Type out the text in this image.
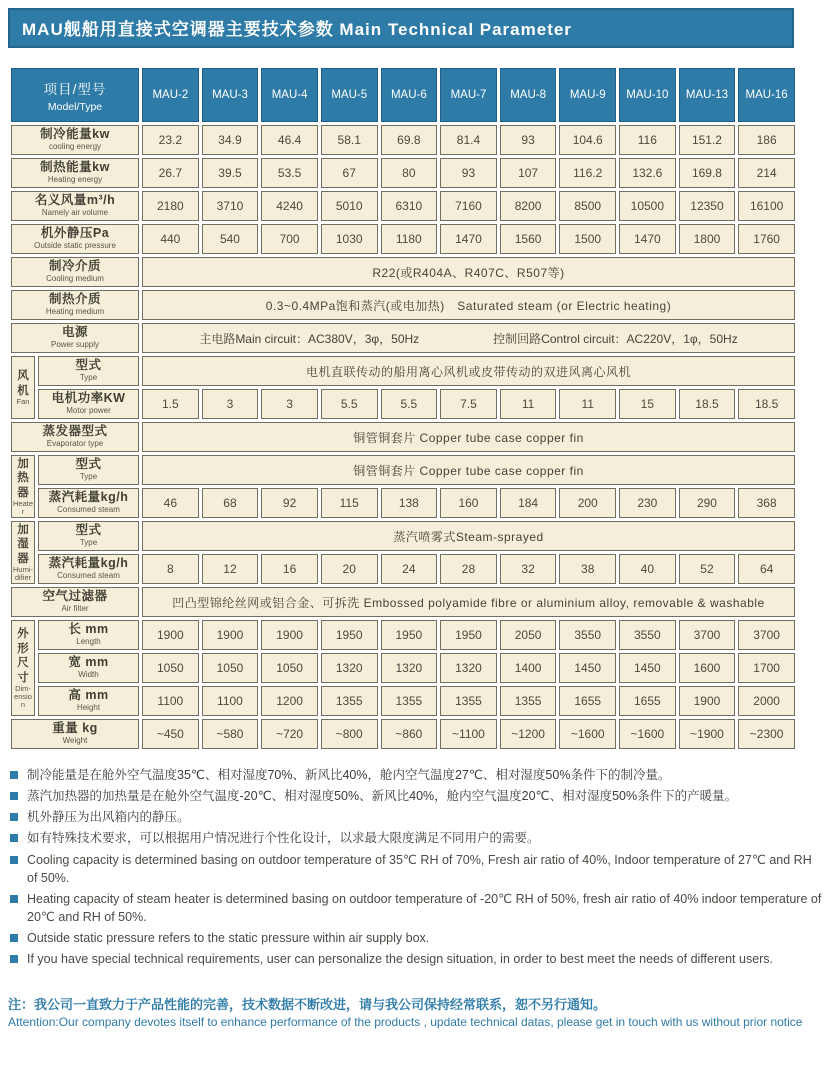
MAU舰船用直接式空调器主要技术参数 Main Technical Parameter
项目/型号
Model/Type		MAU-2	MAU-3	MAU-4	MAU-5	MAU-6	MAU-7	MAU-8	MAU-9	MAU-10	MAU-13	MAU-16

制冷能量kw
cooling energy		23.2	34.9	46.4	58.1	69.8	81.4	93	104.6	116	151.2	186

制热能量kw
Heating energy		26.7	39.5	53.5	67	80	93	107	116.2	132.6	169.8	214

名义风量m³/h
Namely air volume		2180	3710	4240	5010	6310	7160	8200	8500	10500	12350	16100

机外静压Pa
Outside static pressure		440	540	700	1030	1180	1470	1560	1500	1470	1800	1760

制冷介质
Cooling medium		R22(或R404A、R407C、R507等)										

制热介质
Heating medium		0.3~0.4MPa饱和蒸汽(或电加热)　Saturated steam (or Electric heating)										

电源
Power supply	主电路Main circuit：AC380V，3φ，50Hz	控制回路Control circuit：AC220V，1φ，50Hz

风
机
Fan

型式
Type	电机直联传动的船用离心风机或皮带传动的双进风离心风机

	电机功率KW
Motor power	1.5	3	3	5.5	5.5	7.5	11	11	15	18.5	18.5

蒸发器型式
Evaporator type		铜管铜套片 Copper tube case copper fin										

加
热
器
Heater

型式
Type	铜管铜套片 Copper tube case copper fin

	蒸汽耗量kg/h
Consumed steam	46	68	92	115	138	160	184	200	230	290	368

加
湿
器
Humi-difier

型式
Type	蒸汽喷雾式Steam-sprayed

	蒸汽耗量kg/h
Consumed steam	8	12	16	20	24	28	32	38	40	52	64

空气过滤器
Air filter		凹凸型锦纶丝网或铝合金、可拆洗 Embossed polyamide fibre or aluminium alloy, removable & washable										

外
形
尺
寸
Dim-ension

长 mm
Length	1900	1900	1900	1950	1950	1950	2050	3550	3550	3700	3700

	宽 mm
Width	1050	1050	1050	1320	1320	1320	1400	1450	1450	1600	1700

	高 mm
Height	1100	1100	1200	1355	1355	1355	1355	1655	1655	1900	2000

重量 kg
Weight		~450	~580	~720	~800	~860	~1100	~1200	~1600	~1600	~1900	~2300
制冷能量是在舱外空气温度35℃、相对湿度70%、新风比40%，舱内空气温度27℃、相对湿度50%条件下的制冷量。
蒸汽加热器的加热量是在舱外空气温度-20℃、相对湿度50%、新风比40%，舱内空气温度20℃、相对湿度50%条件下的产暖量。
机外静压为出风箱内的静压。
如有特殊技术要求，可以根据用户情况进行个性化设计，以求最大限度满足不同用户的需要。
Cooling capacity is determined basing on outdoor temperature of 35℃ RH of 70%, Fresh air ratio of 40%, Indoor temperature of 27℃ and RH of 50%.
Heating capacity of steam heater is determined basing on outdoor temperature of -20℃ RH of 50%, fresh air ratio of 40% indoor temperature of 20℃ and RH of 50%.
Outside static pressure refers to the static pressure within air supply box.
If you have special technical requirements, user can personalize the design situation, in order to best meet the needs of different users.
注：我公司一直致力于产品性能的完善，技术数据不断改进，请与我公司保持经常联系，恕不另行通知。
Attention:Our company devotes itself to enhance performance of the products , update technical datas, please get in touch with us without prior notice
